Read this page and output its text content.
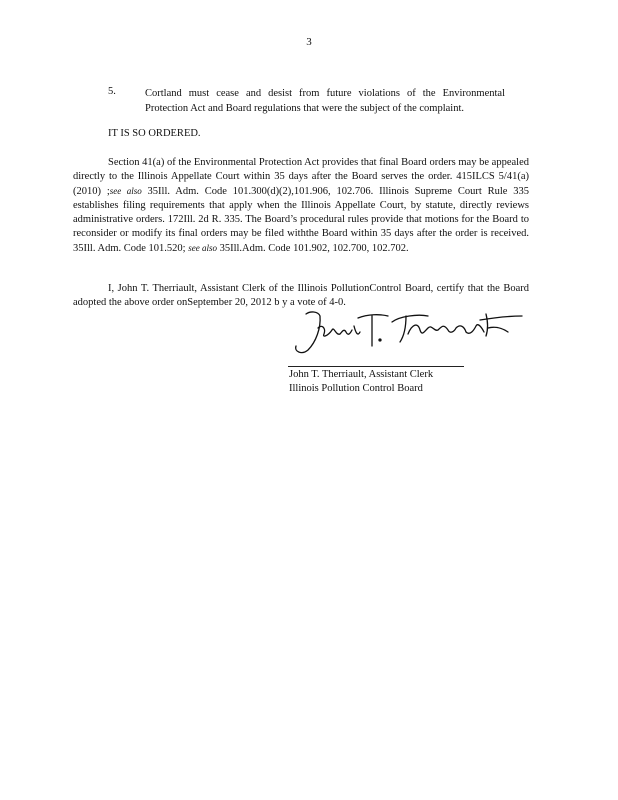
3
5.	Cortland must cease and desist from future violations of the Environmental Protection Act and Board regulations that were the subject of the complaint.
IT IS SO ORDERED.

Section 41(a) of the Environmental Protection Act provides that final Board orders may be appealed directly to the Illinois Appellate Court within 35 days after the Board serves the order. 415ILCS 5/41(a) (2010) ;see also 35Ill. Adm. Code 101.300(d)(2),101.906, 102.706. Illinois Supreme Court Rule 335 establishes filing requirements that apply when the Illinois Appellate Court, by statute, directly reviews administrative orders. 172Ill. 2d R. 335. The Board’s procedural rules provide that motions for the Board to reconsider or modify its final orders may be filed withthe Board within 35 days after the order is received. 35Ill. Adm. Code 101.520; see also 35Ill.Adm. Code 101.902, 102.700, 102.702.

I, John T. Therriault, Assistant Clerk of the Illinois PollutionControl Board, certify that the Board adopted the above order onSeptember 20, 2012 b y a vote of 4-0.

John T. Therriault, Assistant Clerk
Illinois Pollution Control Board
